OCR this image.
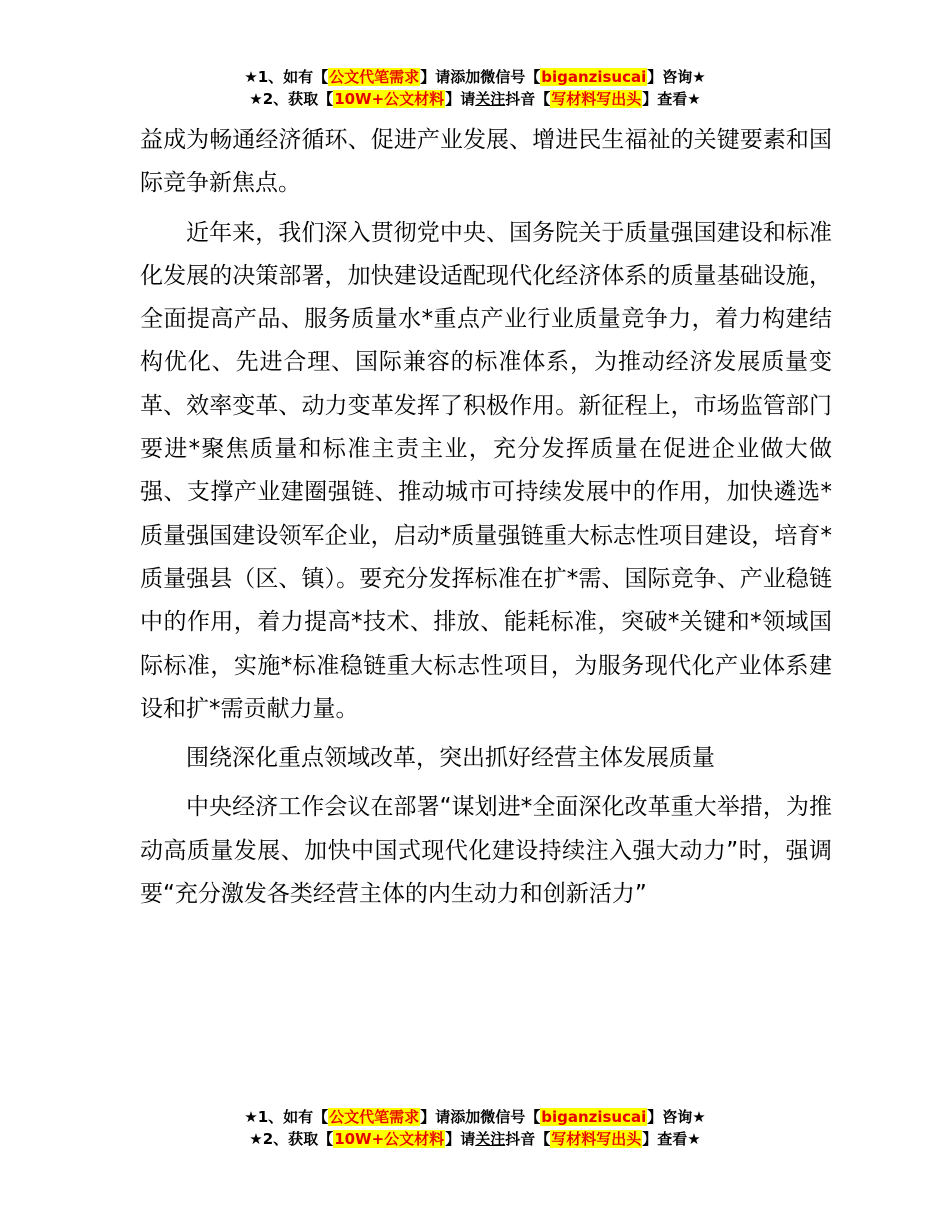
★1、如有【公文代笔需求】请添加微信号【biganzisucai】咨询★
★2、获取【10W+公文材料】请关注抖音【写材料写出头】查看★

益成为畅通经济循环、促进产业发展、增进民生福祉的关键要素和国际竞争新焦点。

近年来，我们深入贯彻党中央、国务院关于质量强国建设和标准化发展的决策部署，加快建设适配现代化经济体系的质量基础设施，全面提高产品、服务质量水*重点产业行业质量竞争力，着力构建结构优化、先进合理、国际兼容的标准体系，为推动经济发展质量变革、效率变革、动力变革发挥了积极作用。新征程上，市场监管部门要进*聚焦质量和标准主责主业，充分发挥质量在促进企业做大做强、支撑产业建圈强链、推动城市可持续发展中的作用，加快遴选*质量强国建设领军企业，启动*质量强链重大标志性项目建设，培育*质量强县（区、镇）。要充分发挥标准在扩*需、国际竞争、产业稳链中的作用，着力提高*技术、排放、能耗标准，突破*关键和*领域国际标准，实施*标准稳链重大标志性项目，为服务现代化产业体系建设和扩*需贡献力量。

围绕深化重点领域改革，突出抓好经营主体发展质量

中央经济工作会议在部署“谋划进*全面深化改革重大举措，为推动高质量发展、加快中国式现代化建设持续注入强大动力”时，强调要“充分激发各类经营主体的内生动力和创新活力”

★1、如有【公文代笔需求】请添加微信号【biganzisucai】咨询★
★2、获取【10W+公文材料】请关注抖音【写材料写出头】查看★
